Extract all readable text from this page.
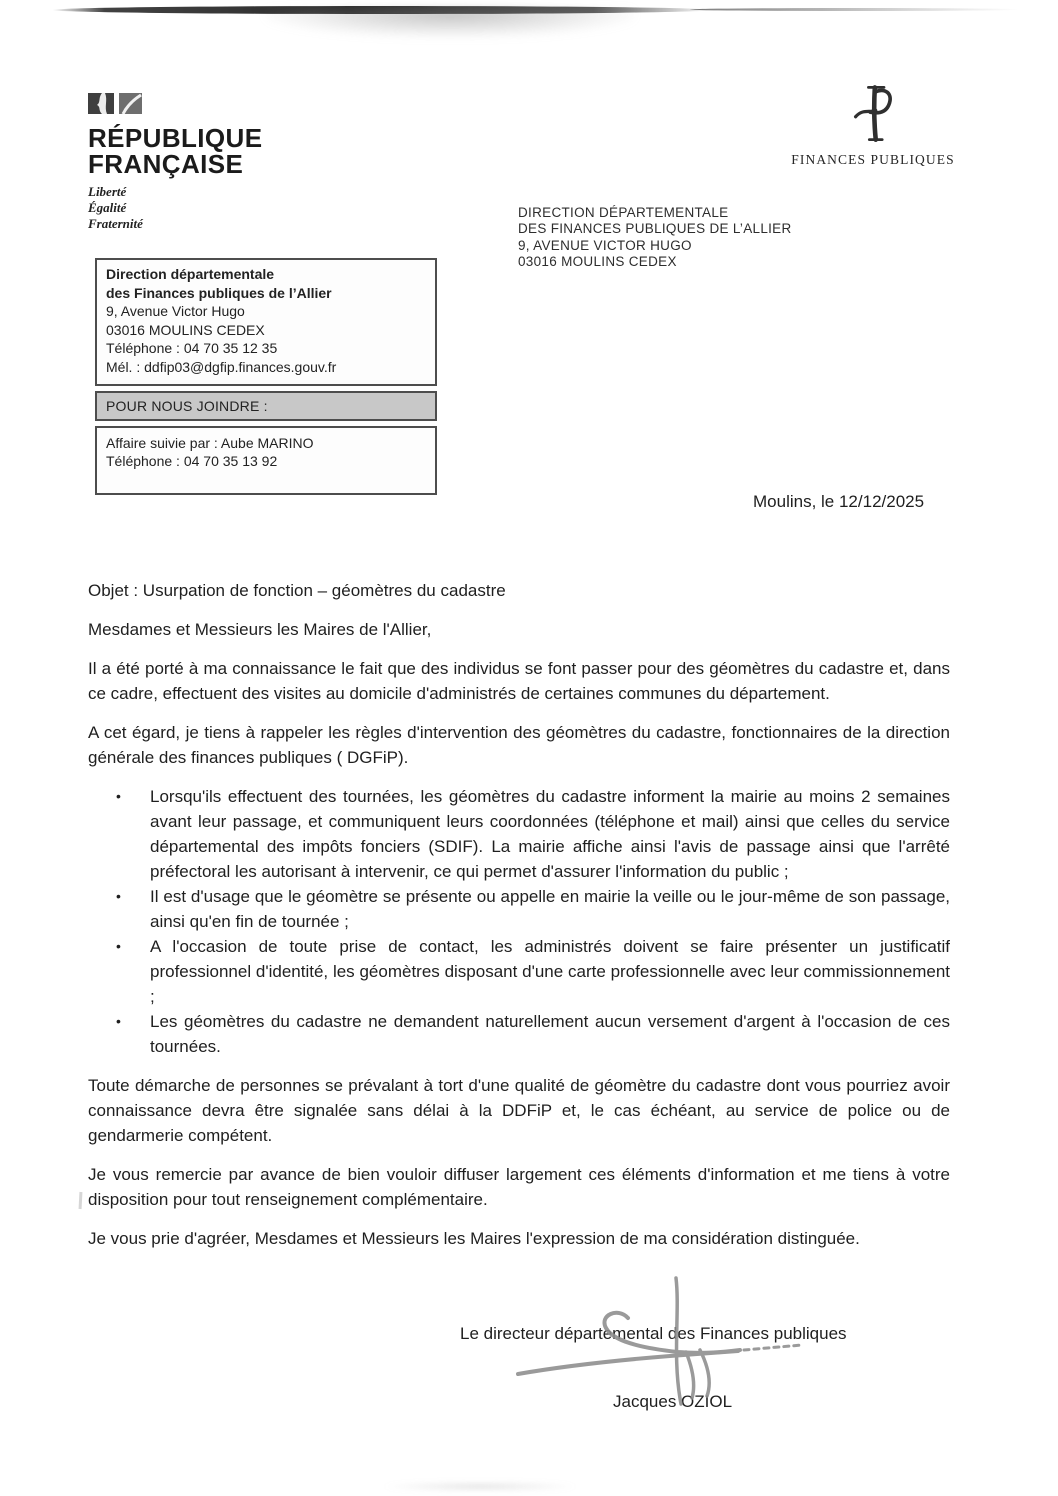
RÉPUBLIQUE
FRANÇAISE
Liberté
Égalité
Fraternité
FINANCES PUBLIQUES
DIRECTION DÉPARTEMENTALE
DES FINANCES PUBLIQUES DE L’ALLIER
9, AVENUE VICTOR HUGO
03016 MOULINS CEDEX
Direction départementale
des Finances publiques de l’Allier
9, Avenue Victor Hugo
03016 MOULINS CEDEX
Téléphone : 04 70 35 12 35
Mél. : ddfip03@dgfip.finances.gouv.fr
POUR NOUS JOINDRE :
Affaire suivie par : Aube MARINO
Téléphone : 04 70 35 13 92
Moulins, le 12/12/2025

Objet : Usurpation de fonction – géomètres du cadastre

Mesdames et Messieurs les Maires de l'Allier,

Il a été porté à ma connaissance le fait que des individus se font passer pour des géomètres du cadastre et, dans ce cadre, effectuent des visites au domicile d'administrés de certaines communes du département.

A cet égard, je tiens à rappeler les règles d'intervention des géomètres du cadastre, fonctionnaires de la direction générale des finances publiques ( DGFiP).

• Lorsqu'ils effectuent des tournées, les géomètres du cadastre informent la mairie au moins 2 semaines avant leur passage, et communiquent leurs coordonnées (téléphone et mail) ainsi que celles du service départemental des impôts fonciers (SDIF). La mairie affiche ainsi l'avis de passage ainsi que l'arrêté préfectoral les autorisant à intervenir, ce qui permet d'assurer l'information du public ;
• Il est d'usage que le géomètre se présente ou appelle en mairie la veille ou le jour-même de son passage, ainsi qu'en fin de tournée ;
• A l'occasion de toute prise de contact, les administrés doivent se faire présenter un justificatif professionnel d'identité, les géomètres disposant d'une carte professionnelle avec leur commissionnement ;
• Les géomètres du cadastre ne demandent naturellement aucun versement d'argent à l'occasion de ces tournées.

Toute démarche de personnes se prévalant à tort d'une qualité de géomètre du cadastre dont vous pourriez avoir connaissance devra être signalée sans délai à la DDFiP et, le cas échéant, au service de police ou de gendarmerie compétent.

Je vous remercie par avance de bien vouloir diffuser largement ces éléments d'information et me tiens à votre disposition pour tout renseignement complémentaire.

Je vous prie d'agréer, Mesdames et Messieurs les Maires l'expression de ma considération distinguée.

Le directeur départemental des Finances publiques
Jacques OZIOL
